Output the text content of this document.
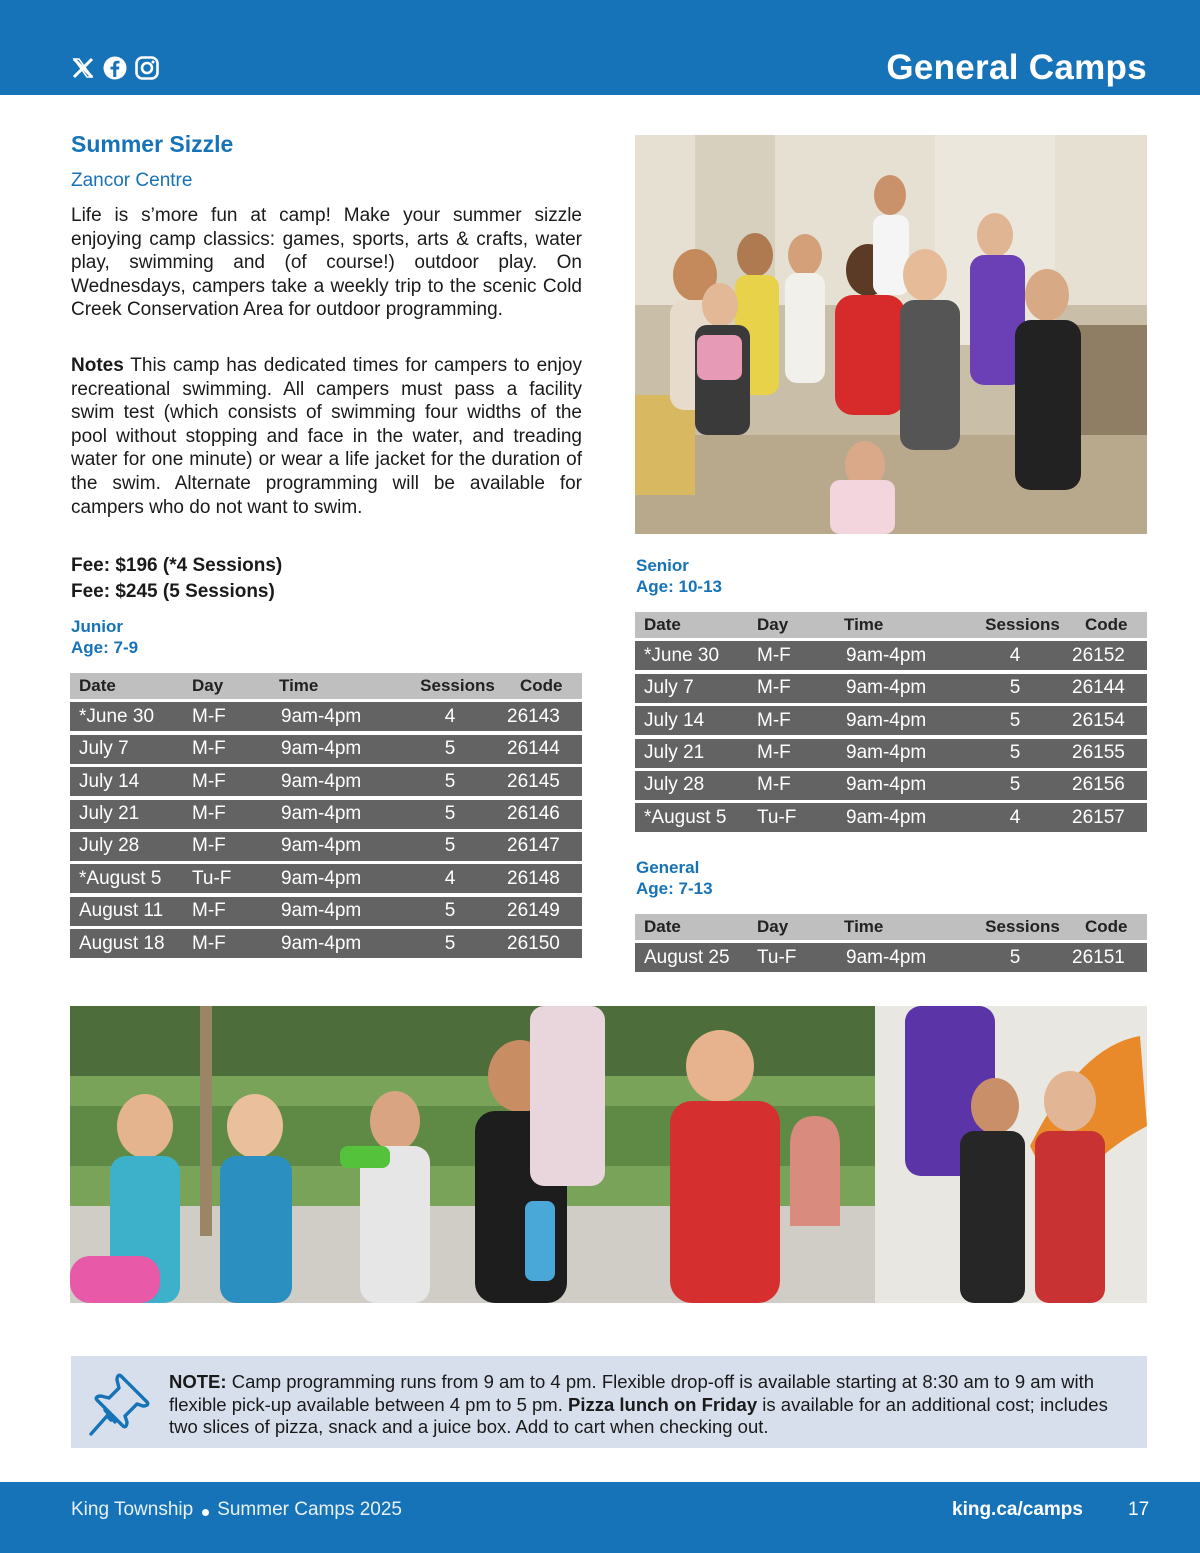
General Camps
Summer Sizzle
Zancor Centre
Life is s’more fun at camp! Make your summer sizzle enjoying camp classics: games, sports, arts & crafts, water play, swimming and (of course!) outdoor play. On Wednesdays, campers take a weekly trip to the scenic Cold Creek Conservation Area for outdoor programming.
Notes This camp has dedicated times for campers to enjoy recreational swimming. All campers must pass a facility swim test (which consists of swimming four widths of the pool without stopping and face in the water, and treading water for one minute) or wear a life jacket for the duration of the swim. Alternate programming will be available for campers who do not want to swim.
Fee: $196 (*4 Sessions)
Fee: $245 (5 Sessions)
Junior
Age: 7-9
Date	Day	Time	Sessions	Code
*June 30	M-F	9am-4pm	4	26143
July 7	M-F	9am-4pm	5	26144
July 14	M-F	9am-4pm	5	26145
July 21	M-F	9am-4pm	5	26146
July 28	M-F	9am-4pm	5	26147
*August 5	Tu-F	9am-4pm	4	26148
August 11	M-F	9am-4pm	5	26149
August 18	M-F	9am-4pm	5	26150
Senior
Age: 10-13
Date	Day	Time	Sessions	Code
*June 30	M-F	9am-4pm	4	26152
July 7	M-F	9am-4pm	5	26144
July 14	M-F	9am-4pm	5	26154
July 21	M-F	9am-4pm	5	26155
July 28	M-F	9am-4pm	5	26156
*August 5	Tu-F	9am-4pm	4	26157
General
Age: 7-13
Date	Day	Time	Sessions	Code
August 25	Tu-F	9am-4pm	5	26151
NOTE: Camp programming runs from 9 am to 4 pm. Flexible drop-off is available starting at 8:30 am to 9 am with flexible pick-up available between 4 pm to 5 pm. Pizza lunch on Friday is available for an additional cost; includes two slices of pizza, snack and a juice box. Add to cart when checking out.
King Township Summer Camps 2025	king.ca/camps 17
